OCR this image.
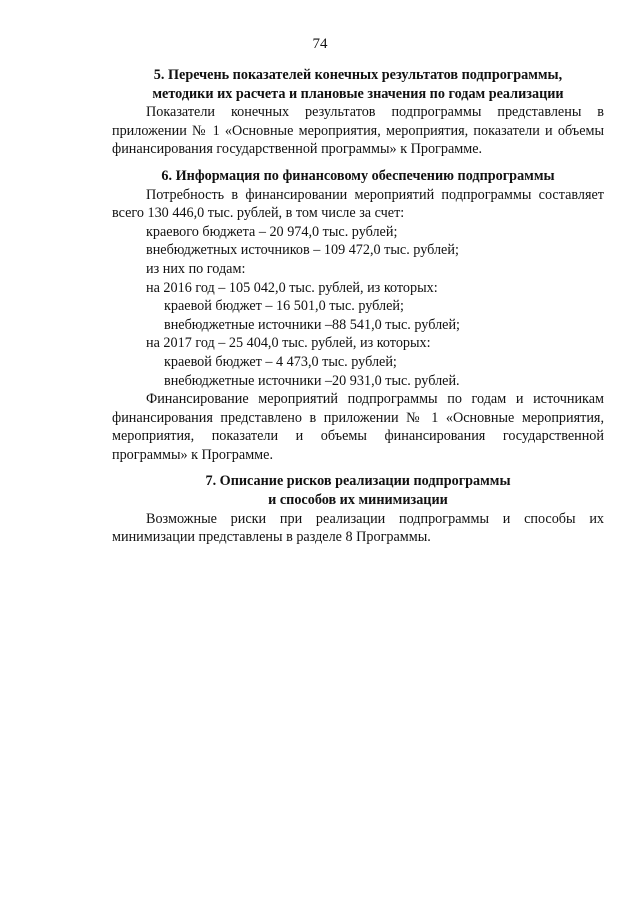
74

5. Перечень показателей конечных результатов подпрограммы,

методики их расчета и плановые значения по годам реализации

Показатели конечных результатов подпрограммы представлены в приложении № 1 «Основные мероприятия, мероприятия, показатели и объемы финансирования государственной программы» к Программе.

6. Информация по финансовому обеспечению подпрограммы

Потребность в финансировании мероприятий подпрограммы составляет всего 130 446,0 тыс. рублей, в том числе за счет:

краевого бюджета – 20 974,0 тыс. рублей;

внебюджетных источников – 109 472,0 тыс. рублей;

из них по годам:

на 2016 год – 105 042,0 тыс. рублей, из которых:

краевой бюджет – 16 501,0 тыс. рублей;

внебюджетные источники –88 541,0 тыс. рублей;

на 2017 год – 25 404,0 тыс. рублей, из которых:

краевой бюджет – 4 473,0 тыс. рублей;

внебюджетные источники –20 931,0 тыс. рублей.

Финансирование мероприятий подпрограммы по годам и источникам финансирования представлено в приложении № 1 «Основные мероприятия, мероприятия, показатели и объемы финансирования государственной программы» к Программе.

7. Описание рисков реализации подпрограммы

и способов их минимизации

Возможные риски при реализации подпрограммы и способы их минимизации представлены в разделе 8 Программы.
